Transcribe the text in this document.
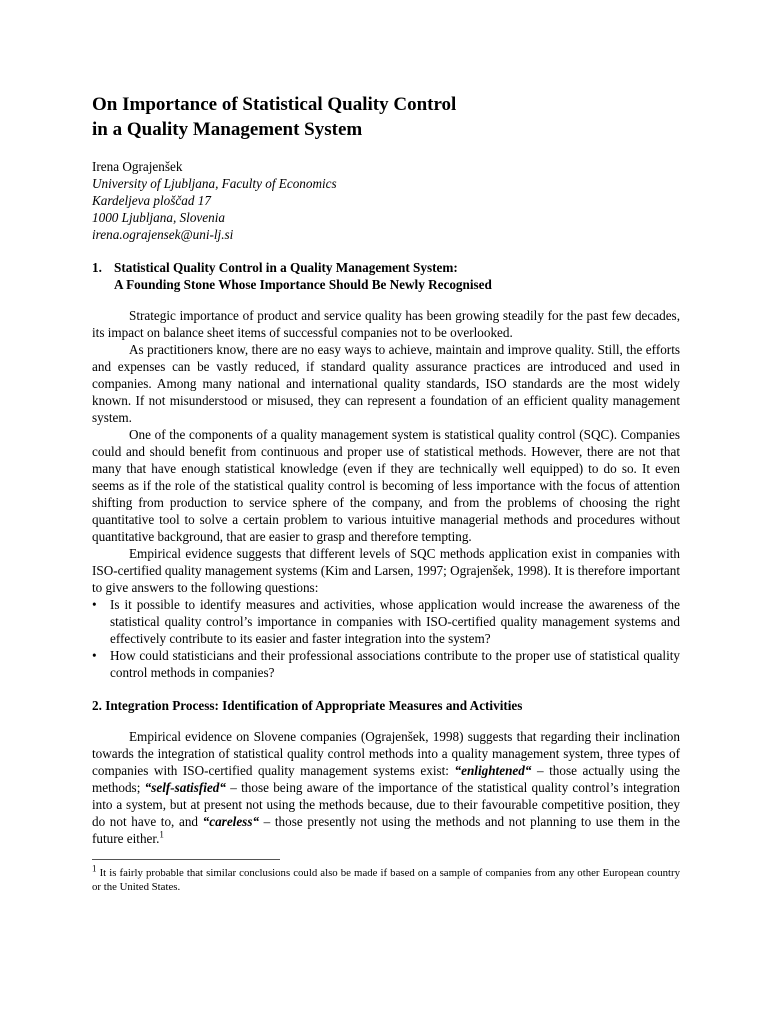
On Importance of Statistical Quality Control
in a Quality Management System
Irena Ograjenšek
University of Ljubljana, Faculty of Economics
Kardeljeva ploščad 17
1000 Ljubljana, Slovenia
irena.ograjensek@uni-lj.si
1. Statistical Quality Control in a Quality Management System:
A Founding Stone Whose Importance Should Be Newly Recognised

Strategic importance of product and service quality has been growing steadily for the past few decades, its impact on balance sheet items of successful companies not to be overlooked.

As practitioners know, there are no easy ways to achieve, maintain and improve quality. Still, the efforts and expenses can be vastly reduced, if standard quality assurance practices are introduced and used in companies. Among many national and international quality standards, ISO standards are the most widely known. If not misunderstood or misused, they can represent a foundation of an efficient quality management system.

One of the components of a quality management system is statistical quality control (SQC). Companies could and should benefit from continuous and proper use of statistical methods. However, there are not that many that have enough statistical knowledge (even if they are technically well equipped) to do so. It even seems as if the role of the statistical quality control is becoming of less importance with the focus of attention shifting from production to service sphere of the company, and from the problems of choosing the right quantitative tool to solve a certain problem to various intuitive managerial methods and procedures without quantitative background, that are easier to grasp and therefore tempting.

Empirical evidence suggests that different levels of SQC methods application exist in companies with ISO-certified quality management systems (Kim and Larsen, 1997; Ograjenšek, 1998). It is therefore important to give answers to the following questions:

• Is it possible to identify measures and activities, whose application would increase the awareness of the statistical quality control’s importance in companies with ISO-certified quality management systems and effectively contribute to its easier and faster integration into the system?
• How could statisticians and their professional associations contribute to the proper use of statistical quality control methods in companies?
2. Integration Process: Identification of Appropriate Measures and Activities

Empirical evidence on Slovene companies (Ograjenšek, 1998) suggests that regarding their inclination towards the integration of statistical quality control methods into a quality management system, three types of companies with ISO-certified quality management systems exist: “enlightened“ – those actually using the methods; “self-satisfied“ – those being aware of the importance of the statistical quality control’s integration into a system, but at present not using the methods because, due to their favourable competitive position, they do not have to, and “careless“ – those presently not using the methods and not planning to use them in the future either.$^1$

$^1$ It is fairly probable that similar conclusions could also be made if based on a sample of companies from any other European country or the United States.
